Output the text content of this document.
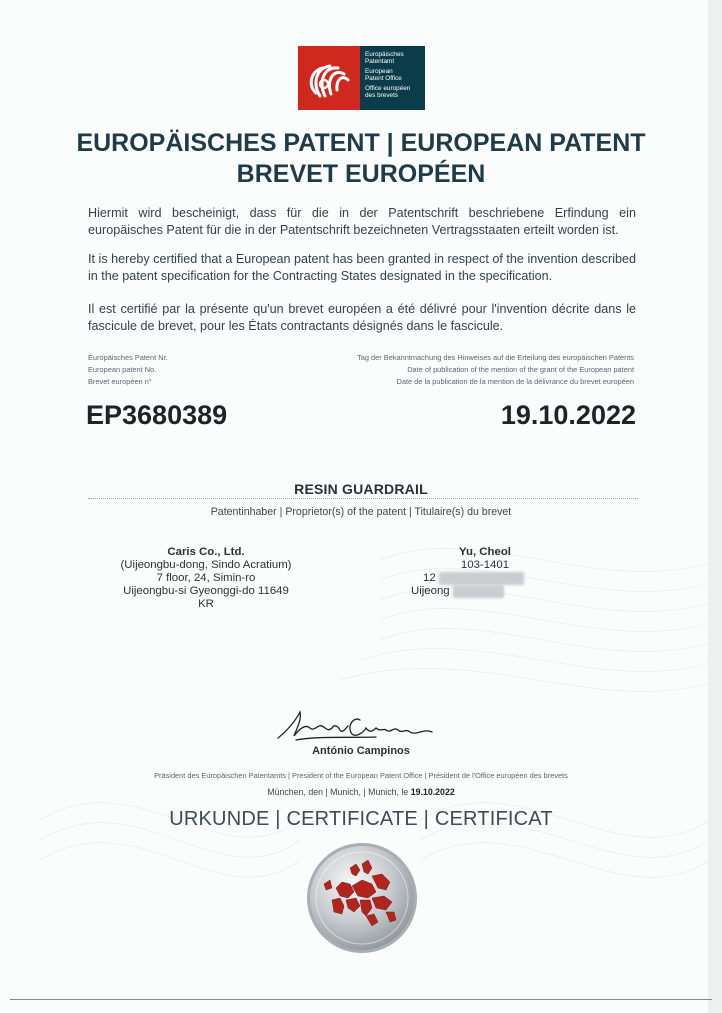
Europäisches
Patentamt
European
Patent Office
Office européen
des brevets
EUROPÄISCHES PATENT | EUROPEAN PATENT
BREVET EUROPÉEN
Hiermit wird bescheinigt, dass für die in der Patentschrift beschriebene Erfindung ein europäisches Patent für die in der Patentschrift bezeichneten Vertragsstaaten erteilt worden ist.
It is hereby certified that a European patent has been granted in respect of the invention described in the patent specification for the Contracting States designated in the specification.
Il est certifié par la présente qu'un brevet européen a été délivré pour l'invention décrite dans le fascicule de brevet, pour les États contractants désignés dans le fascicule.
Europäisches Patent Nr.
European patent No.
Brevet européen n°
Tag der Bekanntmachung des Hinweises auf die Erteilung des europäischen Patents
Date of publication of the mention of the grant of the European patent
Date de la publication de la mention de la délivrance du brevet européen
EP3680389	19.10.2022
RESIN GUARDRAIL
Patentinhaber | Proprietor(s) of the patent | Titulaire(s) du brevet
Caris Co., Ltd.
(Uijeongbu-dong, Sindo Acratium)
7 floor, 24, Simin-ro
Uijeongbu-si Gyeonggi-do 11649
KR
Yu, Cheol
103-1401
12
Uijeong
António Campinos
Präsident des Europäischen Patentamts | President of the European Patent Office | Président de l'Office européen des brevets
München, den | Munich, | Munich, le 19.10.2022
URKUNDE | CERTIFICATE | CERTIFICAT
